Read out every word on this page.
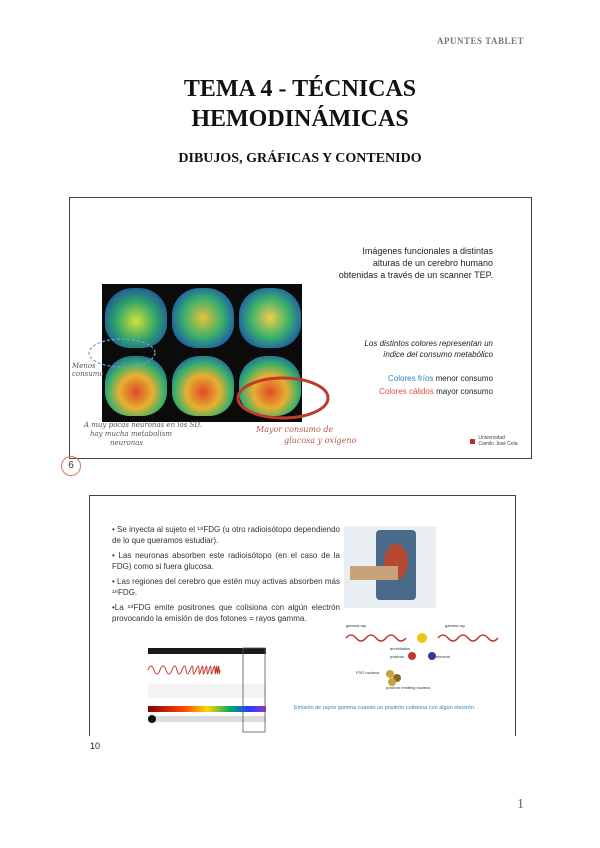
APUNTES TABLET
TEMA 4 - TÉCNICAS
HEMODINÁMICAS
DIBUJOS, GRÁFICAS Y CONTENIDO
Menos consumo
A muy pocas neuronas en los SD.
hay mucha metabolism
neuronas
Mayor consumo de
glucosa y oxígeno
Imágenes funcionales a distintas
alturas de un cerebro humano
obtenidas a través de un scanner TEP.
Los distintos colores representan un
índice del consumo metabólico
Colores fríos menor consumo
Colores cálidos mayor consumo

Universidad
Camilo José Cela
6
• Se inyecta al sujeto el ¹⁸FDG (u otro radioisótopo dependiendo de lo que queramos estudiar).
• Las neuronas absorben este radioisótopo (en el caso de la FDG) como si fuera glucosa.
• Las regiones del cerebro que estén muy activas absorben más ¹⁸FDG.
•La ¹⁸FDG emite positrones que colisiona con algún electrón provocando la emisión de dos fotones = rayos gamma.
gamma ray	gamma ray
annihilation
positron	electron
FDG nucleus
positron emitting nucleus
Emisión de rayos gamma cuando un positrón colisiona con algún electrón.
10
1
